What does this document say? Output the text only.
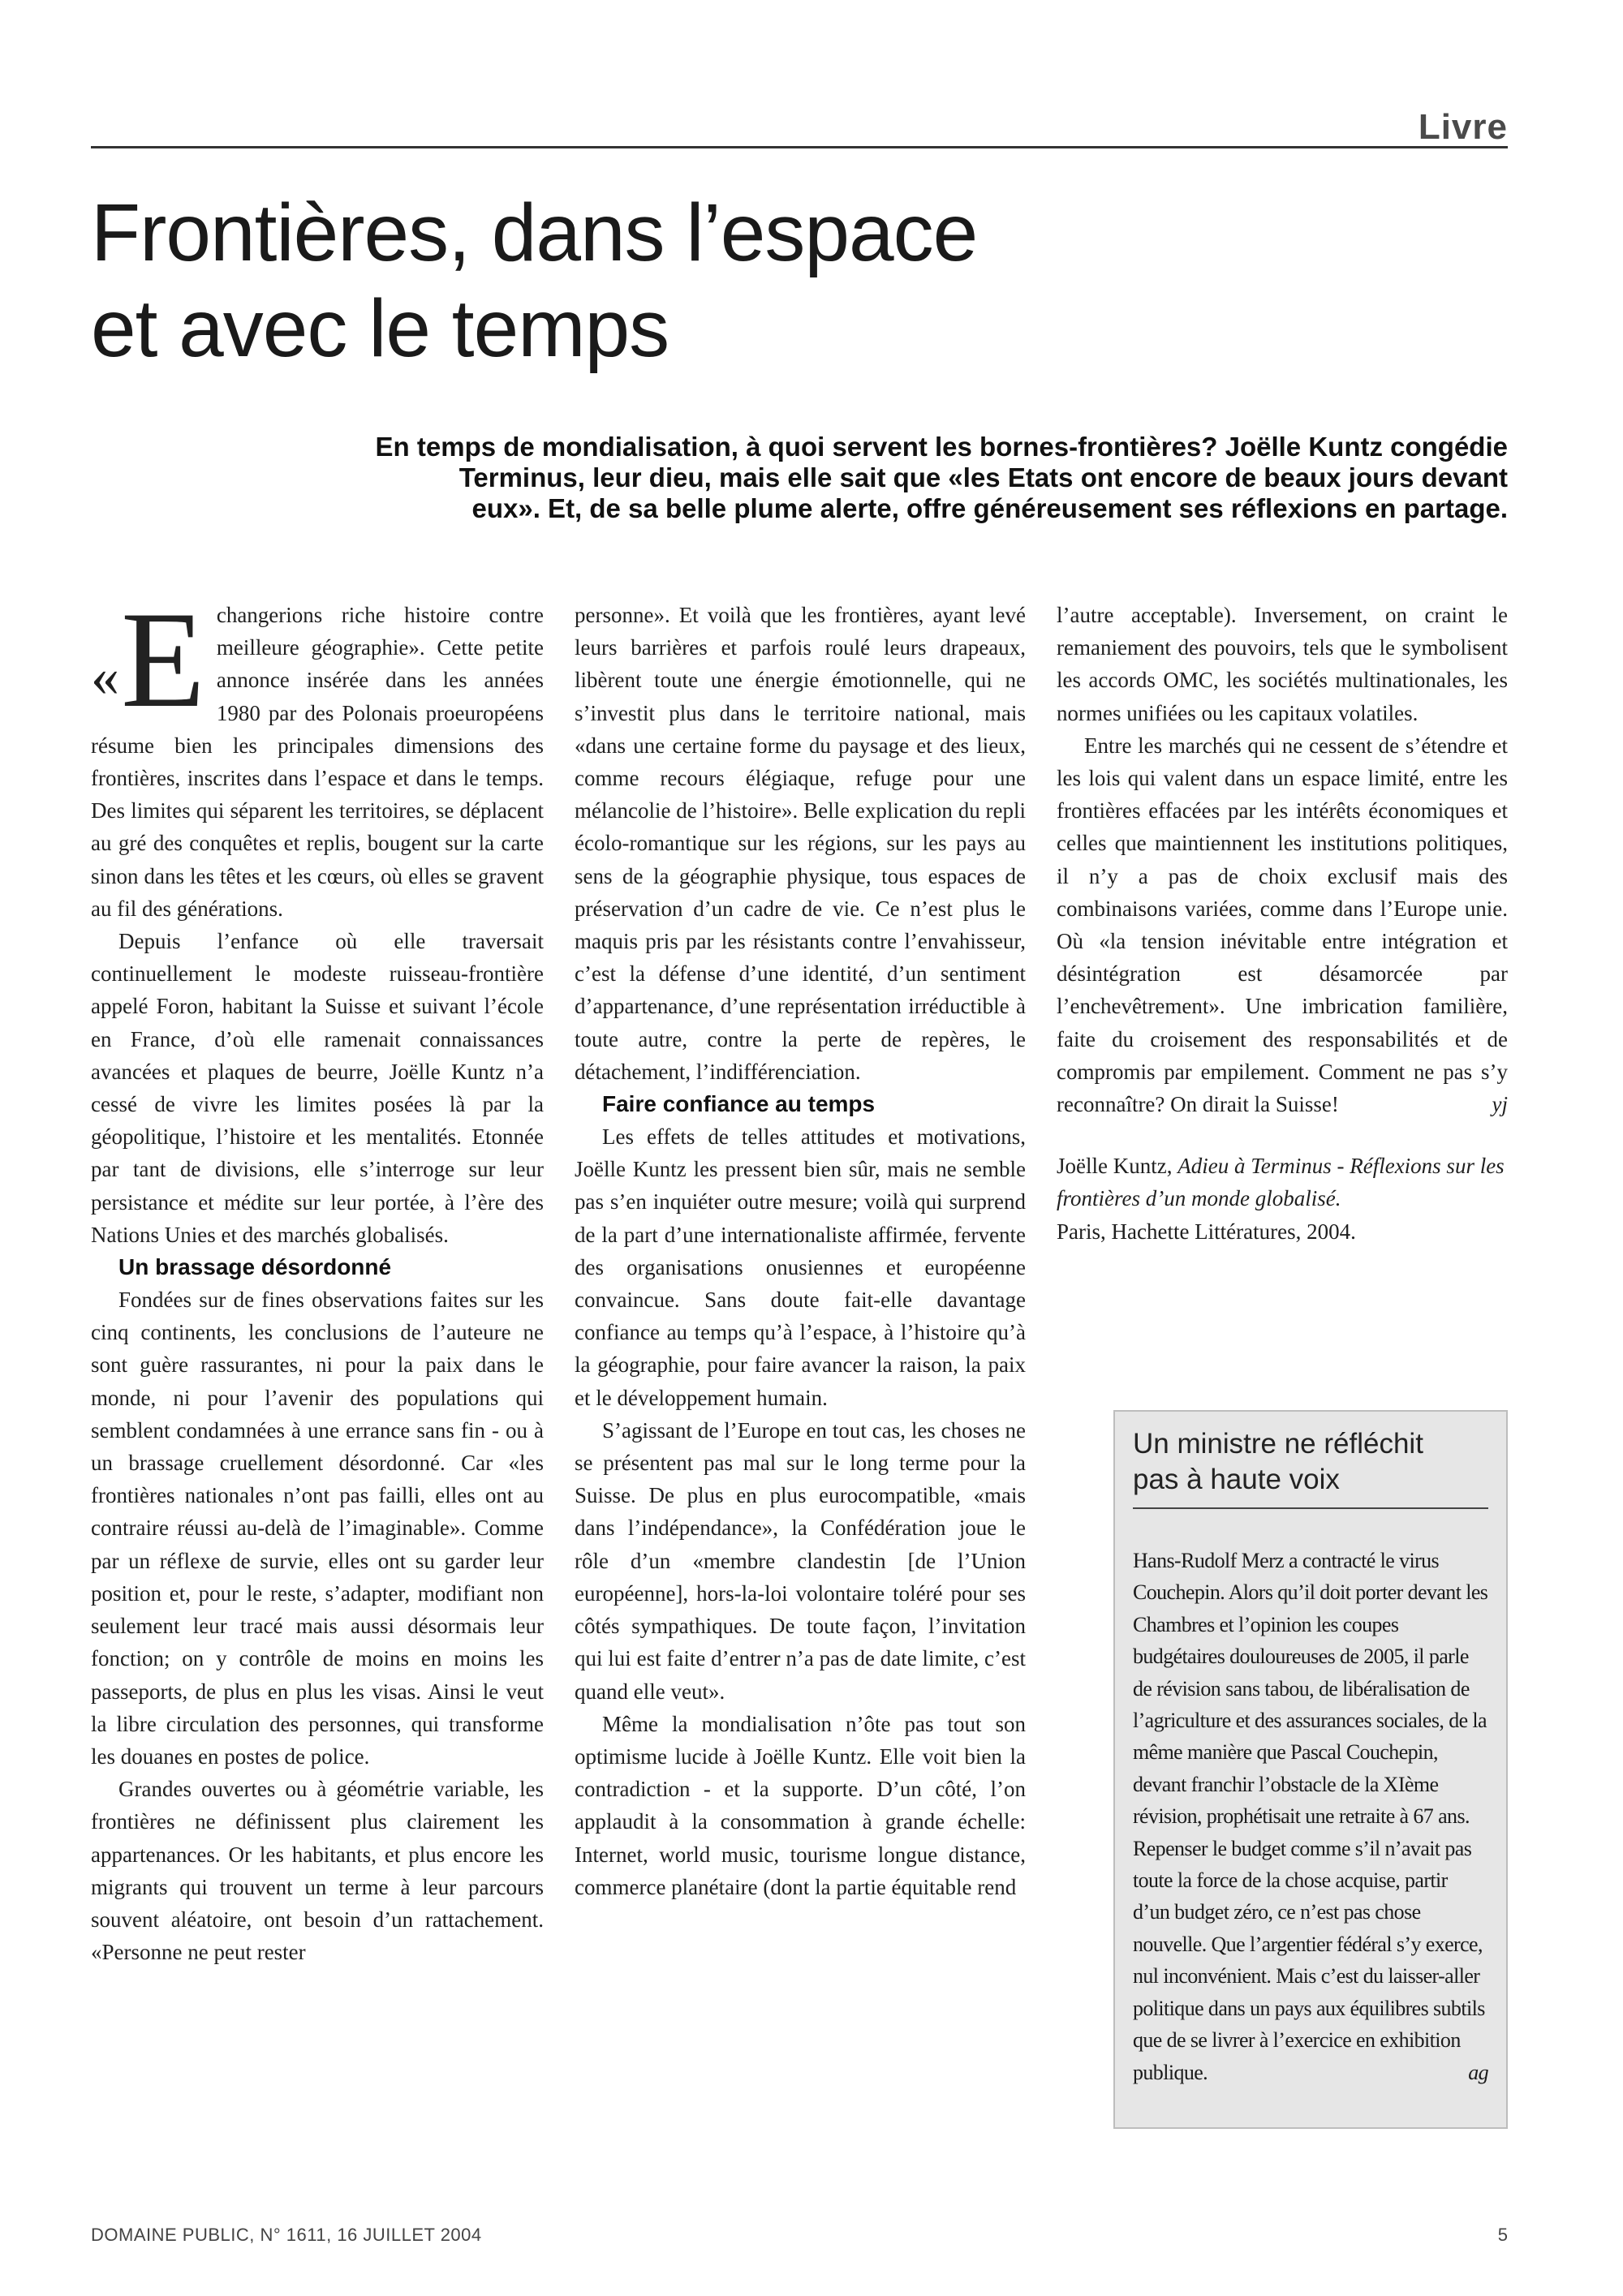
Livre
Frontières, dans l’espace
et avec le temps

En temps de mondialisation, à quoi servent les bornes-frontières? Joëlle Kuntz congédie
Terminus, leur dieu, mais elle sait que «les Etats ont encore de beaux jours devant
eux». Et, de sa belle plume alerte, offre généreusement ses réflexions en partage.

« E changerions riche histoire contre meilleure géographie». Cette petite annonce insérée dans les années 1980 par des Polonais proeuropéens résume bien les principales dimensions des frontières, inscrites dans l’espace et dans le temps. Des limites qui séparent les territoires, se déplacent au gré des conquêtes et replis, bougent sur la carte sinon dans les têtes et les cœurs, où elles se gravent au fil des générations.

Depuis l’enfance où elle traversait continuellement le modeste ruisseau-frontière appelé Foron, habitant la Suisse et suivant l’école en France, d’où elle ramenait connaissances avancées et plaques de beurre, Joëlle Kuntz n’a cessé de vivre les limites posées là par la géopolitique, l’histoire et les mentalités. Etonnée par tant de divisions, elle s’interroge sur leur persistance et médite sur leur portée, à l’ère des Nations Unies et des marchés globalisés.

Un brassage désordonné

Fondées sur de fines observations faites sur les cinq continents, les conclusions de l’auteure ne sont guère rassurantes, ni pour la paix dans le monde, ni pour l’avenir des populations qui semblent condamnées à une errance sans fin - ou à un brassage cruellement désordonné. Car «les frontières nationales n’ont pas failli, elles ont au contraire réussi au-delà de l’imaginable». Comme par un réflexe de survie, elles ont su garder leur position et, pour le reste, s’adapter, modifiant non seulement leur tracé mais aussi désormais leur fonction; on y contrôle de moins en moins les passeports, de plus en plus les visas. Ainsi le veut la libre circulation des personnes, qui transforme les douanes en postes de police.

Grandes ouvertes ou à géométrie variable, les frontières ne définissent plus clairement les appartenances. Or les habitants, et plus encore les migrants qui trouvent un terme à leur parcours souvent aléatoire, ont besoin d’un rattachement. «Personne ne peut rester

personne». Et voilà que les frontières, ayant levé leurs barrières et parfois roulé leurs drapeaux, libèrent toute une énergie émotionnelle, qui ne s’investit plus dans le territoire national, mais «dans une certaine forme du paysage et des lieux, comme recours élégiaque, refuge pour une mélancolie de l’histoire». Belle explication du repli écolo-romantique sur les régions, sur les pays au sens de la géographie physique, tous espaces de préservation d’un cadre de vie. Ce n’est plus le maquis pris par les résistants contre l’envahisseur, c’est la défense d’une identité, d’un sentiment d’appartenance, d’une représentation irréductible à toute autre, contre la perte de repères, le détachement, l’indifférenciation.

Faire confiance au temps

Les effets de telles attitudes et motivations, Joëlle Kuntz les pressent bien sûr, mais ne semble pas s’en inquiéter outre mesure; voilà qui surprend de la part d’une internationaliste affirmée, fervente des organisations onusiennes et européenne convaincue. Sans doute fait-elle davantage confiance au temps qu’à l’espace, à l’histoire qu’à la géographie, pour faire avancer la raison, la paix et le développement humain.

S’agissant de l’Europe en tout cas, les choses ne se présentent pas mal sur le long terme pour la Suisse. De plus en plus eurocompatible, «mais dans l’indépendance», la Confédération joue le rôle d’un «membre clandestin [de l’Union européenne], hors-la-loi volontaire toléré pour ses côtés sympathiques. De toute façon, l’invitation qui lui est faite d’entrer n’a pas de date limite, c’est quand elle veut».

Même la mondialisation n’ôte pas tout son optimisme lucide à Joëlle Kuntz. Elle voit bien la contradiction - et la supporte. D’un côté, l’on applaudit à la consommation à grande échelle: Internet, world music, tourisme longue distance, commerce planétaire (dont la partie équitable rend

l’autre acceptable). Inversement, on craint le remaniement des pouvoirs, tels que le symbolisent les accords OMC, les sociétés multinationales, les normes unifiées ou les capitaux volatiles.

Entre les marchés qui ne cessent de s’étendre et les lois qui valent dans un espace limité, entre les frontières effacées par les intérêts économiques et celles que maintiennent les institutions politiques, il n’y a pas de choix exclusif mais des combinaisons variées, comme dans l’Europe unie. Où «la tension inévitable entre intégration et désintégration est désamorcée par l’enchevêtrement». Une imbrication familière, faite du croisement des responsabilités et de compromis par empilement. Comment ne pas s’y reconnaître? On dirait la Suisse!	yj

Joëlle Kuntz, Adieu à Terminus - Réflexions sur les frontières d’un monde globalisé.
Paris, Hachette Littératures, 2004.

Un ministre ne réfléchit
pas à haute voix
Hans-Rudolf Merz a contracté le virus Couchepin. Alors qu’il doit porter devant les Chambres et l’opinion les coupes budgétaires douloureuses de 2005, il parle de révision sans tabou, de libéralisation de l’agriculture et des assurances sociales, de la même manière que Pascal Couchepin, devant franchir l’obstacle de la XIème révision, prophétisait une retraite à 67 ans. Repenser le budget comme s’il n’avait pas toute la force de la chose acquise, partir d’un budget zéro, ce n’est pas chose nouvelle. Que l’argentier fédéral s’y exerce, nul inconvénient. Mais c’est du laisser-aller politique dans un pays aux équilibres subtils que de se livrer à l’exercice en exhibition publique.	ag
DOMAINE PUBLIC, N° 1611, 16 JUILLET 2004	5
